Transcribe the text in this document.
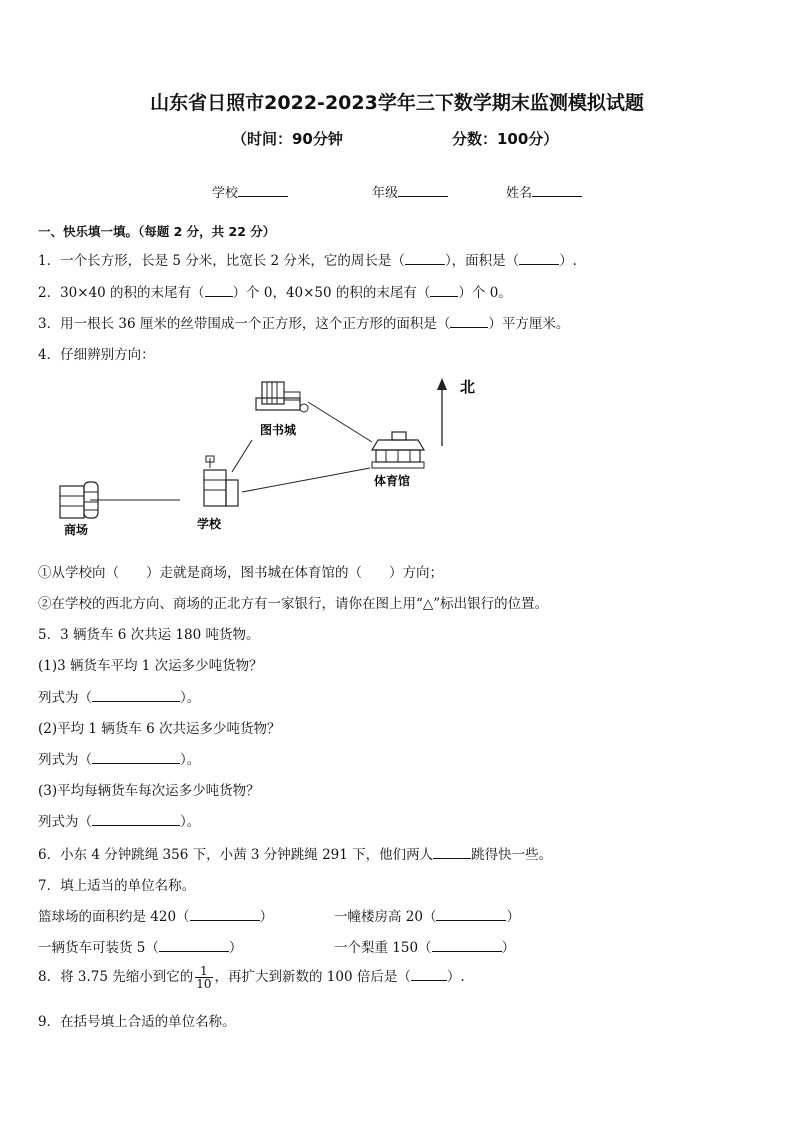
山东省日照市2022-2023学年三下数学期末监测模拟试题
（时间：90分钟	分数：100分）
学校	年级	姓名
一、快乐填一填。（每题 2 分，共 22 分）
1．一个长方形，长是 5 分米，比宽长 2 分米，它的周长是（	），面积是（	）.
2．30×40 的积的末尾有（ ）个 0，40×50 的积的末尾有（ ）个 0。
3．用一根长 36 厘米的丝带围成一个正方形，这个正方形的面积是（	）平方厘米。
4．仔细辨别方向：
北
图书城
体育馆
学校
商场
①从学校向（　　）走就是商场，图书城在体育馆的（　　）方向；
②在学校的西北方向、商场的正北方有一家银行，请你在图上用“△”标出银行的位置。
5．3 辆货车 6 次共运 180 吨货物。
(1)3 辆货车平均 1 次运多少吨货物？
列式为（	）。
(2)平均 1 辆货车 6 次共运多少吨货物？
列式为（	）。
(3)平均每辆货车每次运多少吨货物？
列式为（	）。
6．小东 4 分钟跳绳 356 下，小茜 3 分钟跳绳 291 下，他们两人	跳得快一些。
7．填上适当的单位名称。
篮球场的面积约是 420（	）	一幢楼房高 20（	）
一辆货车可装货 5（	）	一个梨重 150（	）
8．将 3.75 先缩小到它的 $\frac{1}{10}$ ，再扩大到新数的 100 倍后是（	）.
9．在括号填上合适的单位名称。
